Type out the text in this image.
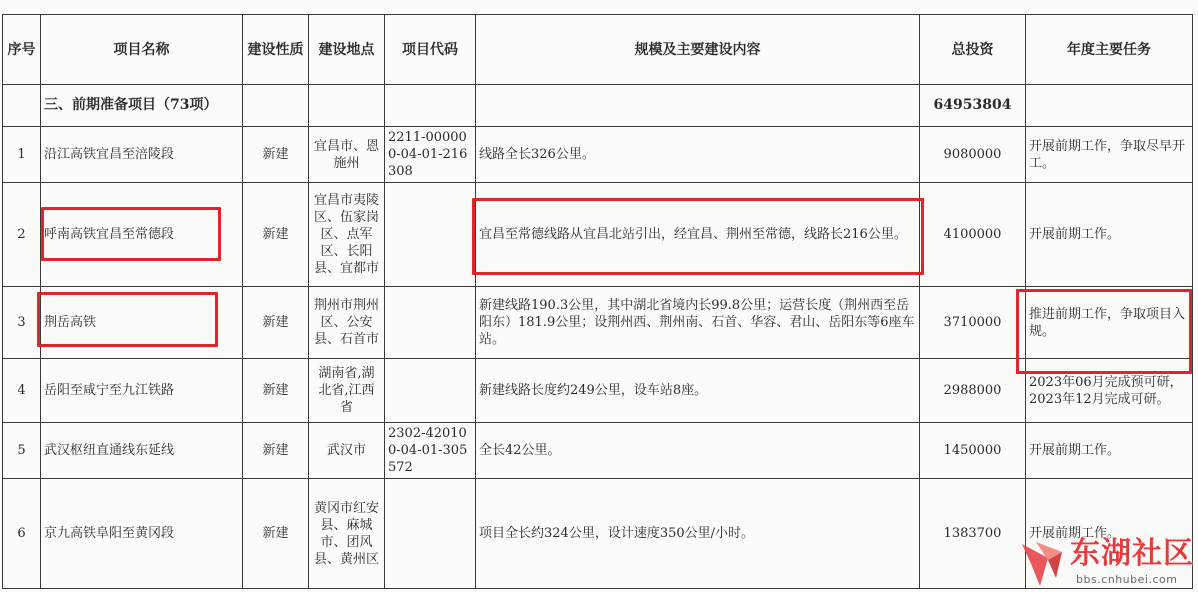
序号	项目名称	建设性质	建设地点	项目代码	规模及主要建设内容	总投资	年度主要任务
	三、前期准备项目（73项）					64953804	
1	沿江高铁宜昌至涪陵段	新建	宜昌市、恩施州	2211-000000-04-01-216308	线路全长326公里。	9080000	开展前期工作，争取尽早开工。
2	呼南高铁宜昌至常德段	新建	宜昌市夷陵区、伍家岗区、点军区、长阳县、宜都市		宜昌至常德线路从宜昌北站引出，经宜昌、荆州至常德，线路长216公里。	4100000	开展前期工作。
3	荆岳高铁	新建	荆州市荆州区、公安县、石首市		新建线路190.3公里，其中湖北省境内长99.8公里；运营长度（荆州西至岳阳东）181.9公里；设荆州西、荆州南、石首、华容、君山、岳阳东等6座车站。	3710000	推进前期工作，争取项目入规。
4	岳阳至咸宁至九江铁路	新建	湖南省,湖北省,江西省		新建线路长度约249公里，设车站8座。	2988000	2023年06月完成预可研，
2023年12月完成可研。

5	武汉枢纽直通线东延线	新建	武汉市	2302-420100-04-01-305572	全长42公里。	1450000	开展前期工作。
6	京九高铁阜阳至黄冈段	新建	黄冈市红安县、麻城市、团风县、黄州区		项目全长约324公里，设计速度350公里/小时。	1383700	开展前期工作。
东湖社区
bbs.cnhubei.com
